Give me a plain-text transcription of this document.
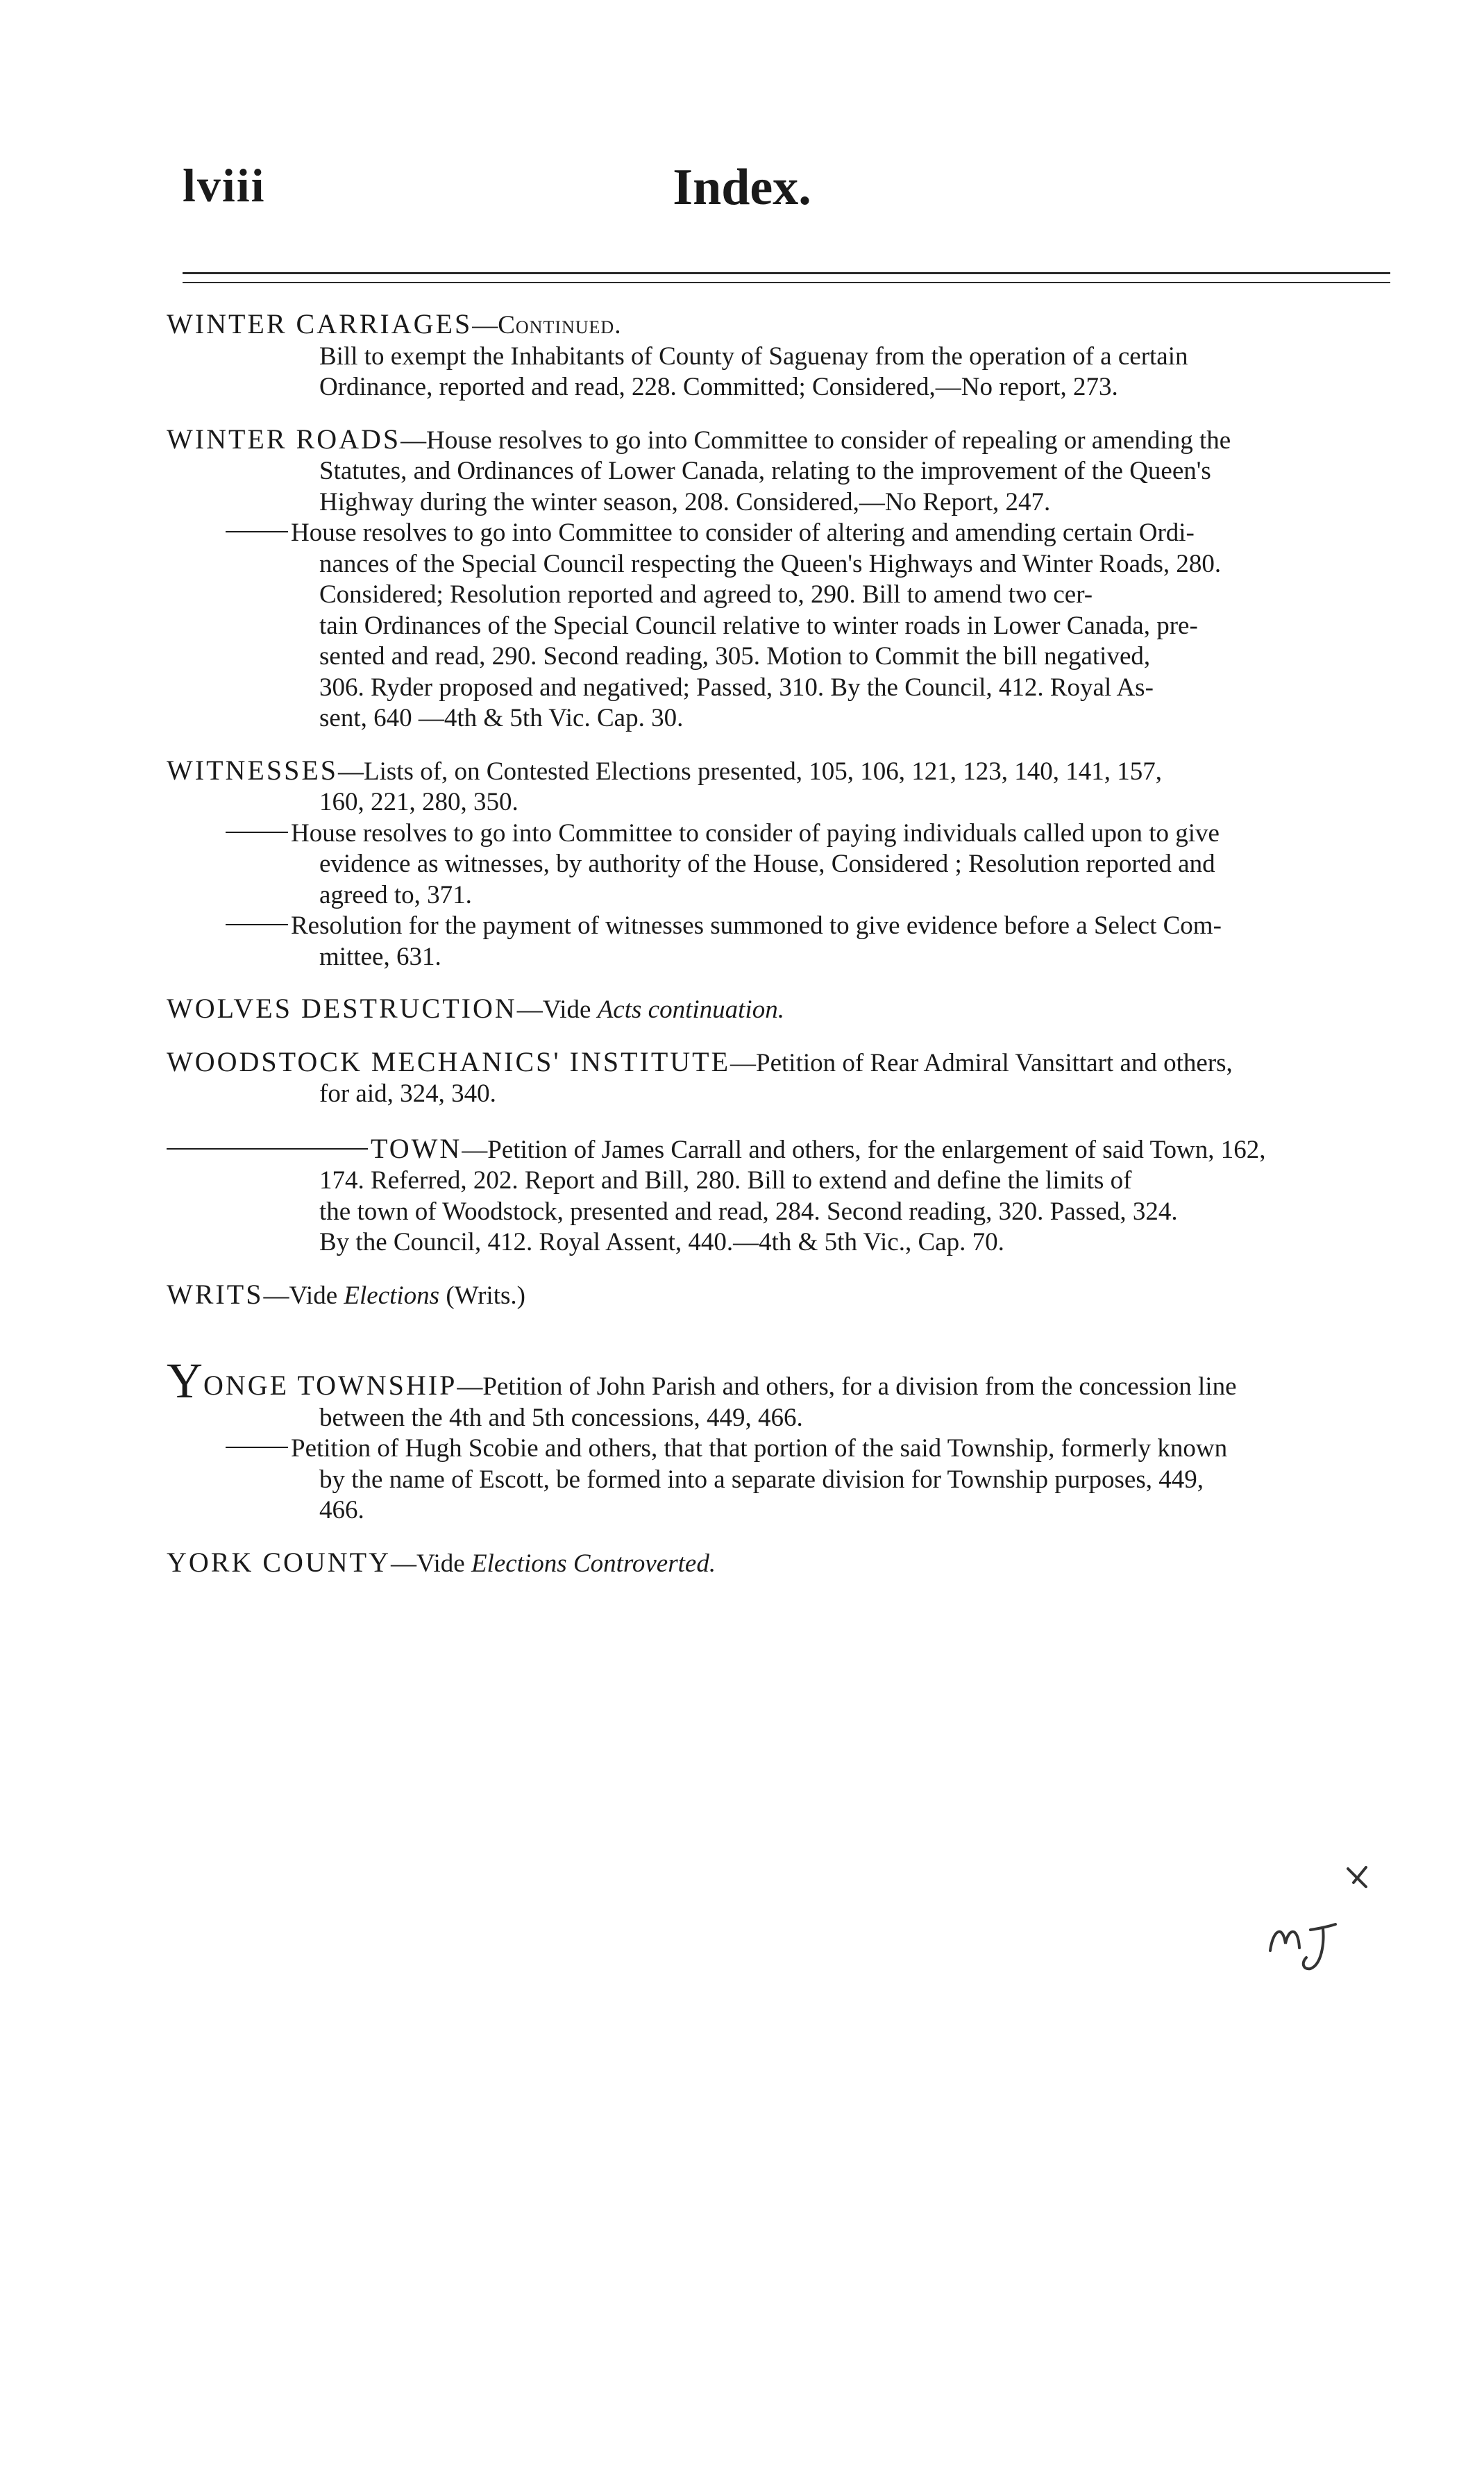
lviii	Index.
WINTER CARRIAGES—Continued.
Bill to exempt the Inhabitants of County of Saguenay from the operation of a certain
Ordinance, reported and read, 228. Committed; Considered,—No report, 273.
WINTER ROADS—House resolves to go into Committee to consider of repealing or amending the
Statutes, and Ordinances of Lower Canada, relating to the improvement of the Queen's
Highway during the winter season, 208. Considered,—No Report, 247.
House resolves to go into Committee to consider of altering and amending certain Ordi-
nances of the Special Council respecting the Queen's Highways and Winter Roads, 280.
Considered; Resolution reported and agreed to, 290. Bill to amend two cer-
tain Ordinances of the Special Council relative to winter roads in Lower Canada, pre-
sented and read, 290. Second reading, 305. Motion to Commit the bill negatived,
306. Ryder proposed and negatived; Passed, 310. By the Council, 412. Royal As-
sent, 640 —4th & 5th Vic. Cap. 30.
WITNESSES—Lists of, on Contested Elections presented, 105, 106, 121, 123, 140, 141, 157,
160, 221, 280, 350.
House resolves to go into Committee to consider of paying individuals called upon to give
evidence as witnesses, by authority of the House, Considered ; Resolution reported and
agreed to, 371.
Resolution for the payment of witnesses summoned to give evidence before a Select Com-
mittee, 631.
WOLVES DESTRUCTION—Vide Acts continuation.
WOODSTOCK MECHANICS' INSTITUTE—Petition of Rear Admiral Vansittart and others,
for aid, 324, 340.
TOWN—Petition of James Carrall and others, for the enlargement of said Town, 162,
174. Referred, 202. Report and Bill, 280. Bill to extend and define the limits of
the town of Woodstock, presented and read, 284. Second reading, 320. Passed, 324.
By the Council, 412. Royal Assent, 440.—4th & 5th Vic., Cap. 70.
WRITS—Vide Elections (Writs.)
YONGE TOWNSHIP—Petition of John Parish and others, for a division from the concession line
between the 4th and 5th concessions, 449, 466.
Petition of Hugh Scobie and others, that that portion of the said Township, formerly known
by the name of Escott, be formed into a separate division for Township purposes, 449,
466.
YORK COUNTY—Vide Elections Controverted.
